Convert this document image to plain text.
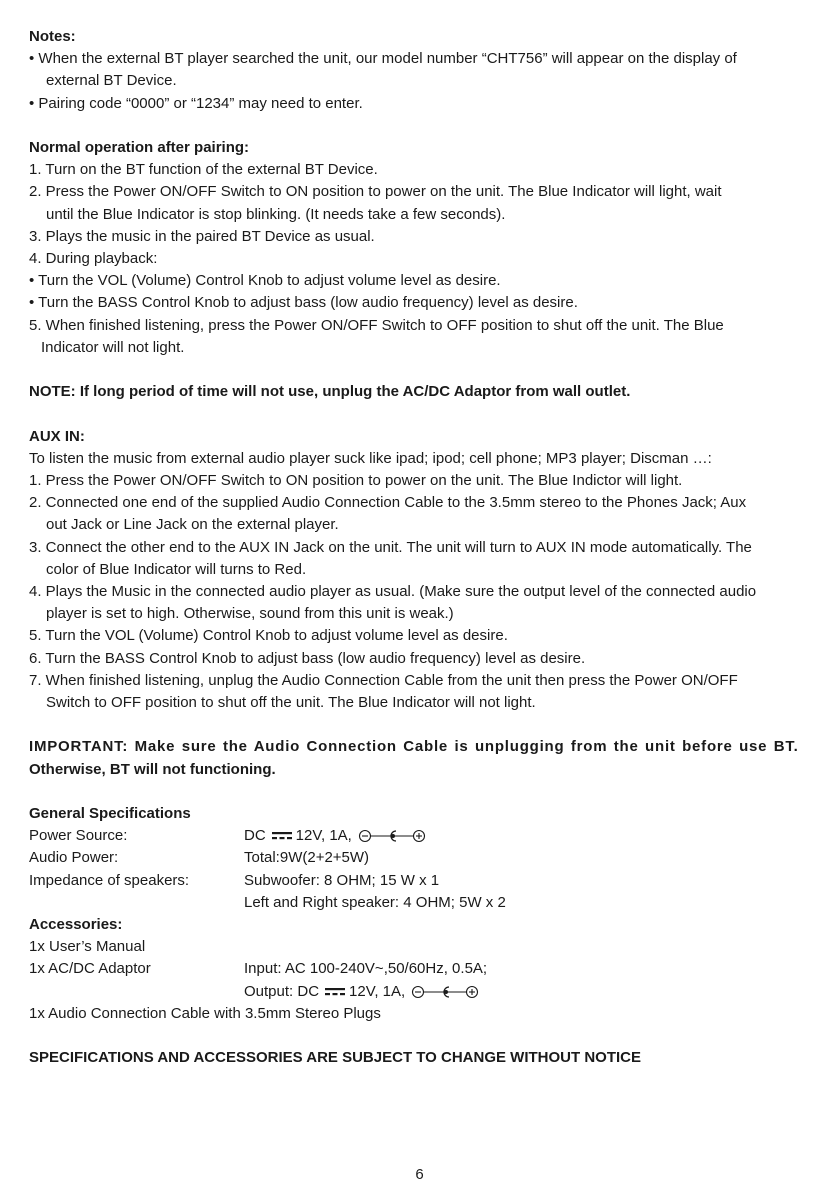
Notes:
• When the external BT player searched the unit, our model number “CHT756” will appear on the display of
external BT Device.
• Pairing code “0000” or “1234” may need to enter.
Normal operation after pairing:
1. Turn on the BT function of the external BT Device.
2. Press the Power ON/OFF Switch to ON position to power on the unit. The Blue Indicator will light, wait
until the Blue Indicator is stop blinking. (It needs take a few seconds).
3. Plays the music in the paired BT Device as usual.
4. During playback:
• Turn the VOL (Volume) Control Knob to adjust volume level as desire.
• Turn the BASS Control Knob to adjust bass (low audio frequency) level as desire.
5. When finished listening, press the Power ON/OFF Switch to OFF position to shut off the unit. The Blue
Indicator will not light.
NOTE: If long period of time will not use, unplug the AC/DC Adaptor from wall outlet.
AUX IN:
To listen the music from external audio player suck like ipad; ipod; cell phone; MP3 player; Discman …:
1. Press the Power ON/OFF Switch to ON position to power on the unit. The Blue Indictor will light.
2. Connected one end of the supplied Audio Connection Cable to the 3.5mm stereo to the Phones Jack; Aux
out Jack or Line Jack on the external player.
3. Connect the other end to the AUX IN Jack on the unit. The unit will turn to AUX IN mode automatically. The
color of Blue Indicator will turns to Red.
4. Plays the Music in the connected audio player as usual. (Make sure the output level of the connected audio
player is set to high. Otherwise, sound from this unit is weak.)
5. Turn the VOL (Volume) Control Knob to adjust volume level as desire.
6. Turn the BASS Control Knob to adjust bass (low audio frequency) level as desire.
7. When finished listening, unplug the Audio Connection Cable from the unit then press the Power ON/OFF
Switch to OFF position to shut off the unit. The Blue Indicator will not light.
IMPORTANT: Make sure the Audio Connection Cable is unplugging from the unit before use BT.
Otherwise, BT will not functioning.
General Specifications
Power Source:	DC 12V, 1A,
Audio Power:	Total:9W(2+2+5W)
Impedance of speakers:	Subwoofer: 8 OHM; 15 W x 1
Left and Right speaker: 4 OHM; 5W x 2
Accessories:
1x User’s Manual
1x AC/DC Adaptor	Input: AC 100-240V~,50/60Hz, 0.5A;
Output: DC 12V, 1A,
1x Audio Connection Cable with 3.5mm Stereo Plugs
SPECIFICATIONS AND ACCESSORIES ARE SUBJECT TO CHANGE WITHOUT NOTICE
6
